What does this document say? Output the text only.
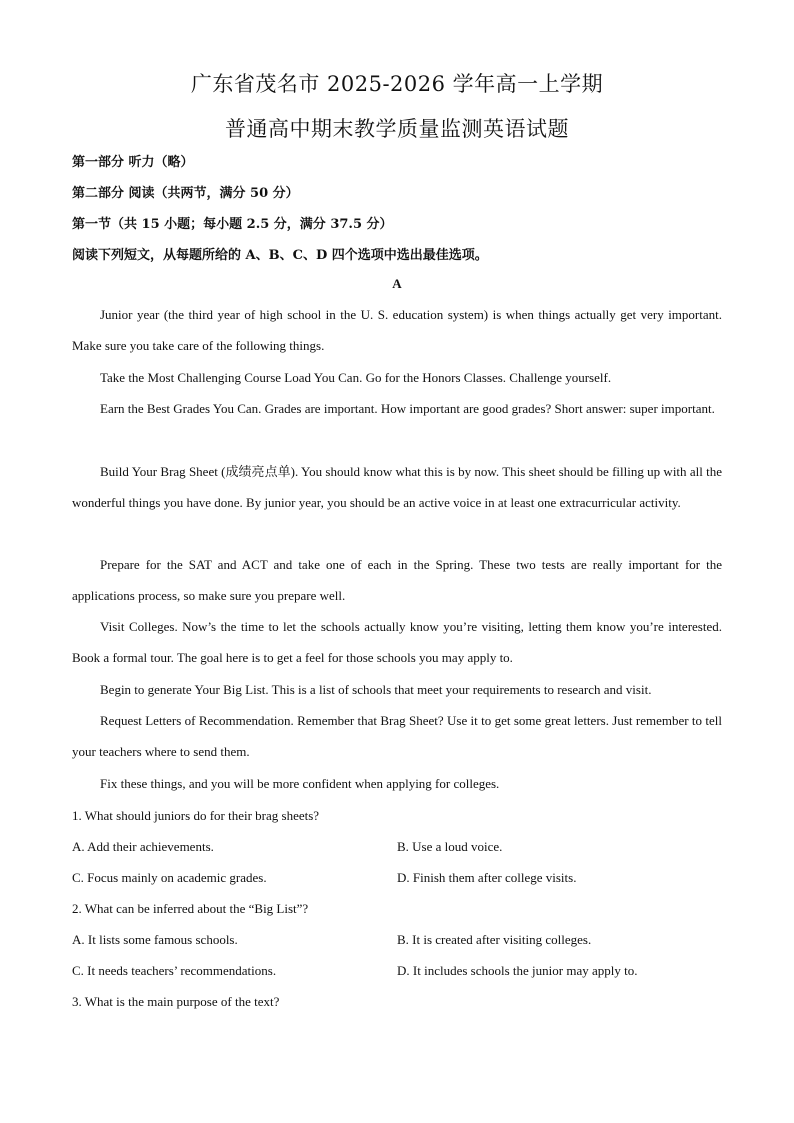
广东省茂名市 2025-2026 学年高一上学期
普通高中期末教学质量监测英语试题
第一部分 听力（略）
第二部分 阅读（共两节，满分 50 分）
第一节（共 15 小题；每小题 2.5 分，满分 37.5 分）
阅读下列短文，从每题所给的 A、B、C、D 四个选项中选出最佳选项。
A
Junior year (the third year of high school in the U. S. education system) is when things actually get very important. Make sure you take care of the following things.
Take the Most Challenging Course Load You Can. Go for the Honors Classes. Challenge yourself.
Earn the Best Grades You Can. Grades are important. How important are good grades? Short answer: super important.
Build Your Brag Sheet (成绩亮点单). You should know what this is by now. This sheet should be filling up with all the wonderful things you have done. By junior year, you should be an active voice in at least one extracurricular activity.
Prepare for the SAT and ACT and take one of each in the Spring. These two tests are really important for the applications process, so make sure you prepare well.
Visit Colleges. Now’s the time to let the schools actually know you’re visiting, letting them know you’re interested. Book a formal tour. The goal here is to get a feel for those schools you may apply to.
Begin to generate Your Big List. This is a list of schools that meet your requirements to research and visit.
Request Letters of Recommendation. Remember that Brag Sheet? Use it to get some great letters. Just remember to tell your teachers where to send them.
Fix these things, and you will be more confident when applying for colleges.
1. What should juniors do for their brag sheets?
A. Add their achievements.	B. Use a loud voice.
C. Focus mainly on academic grades.	D. Finish them after college visits.
2. What can be inferred about the “Big List”?
A. It lists some famous schools.	B. It is created after visiting colleges.
C. It needs teachers’ recommendations.	D. It includes schools the junior may apply to.
3. What is the main purpose of the text?
